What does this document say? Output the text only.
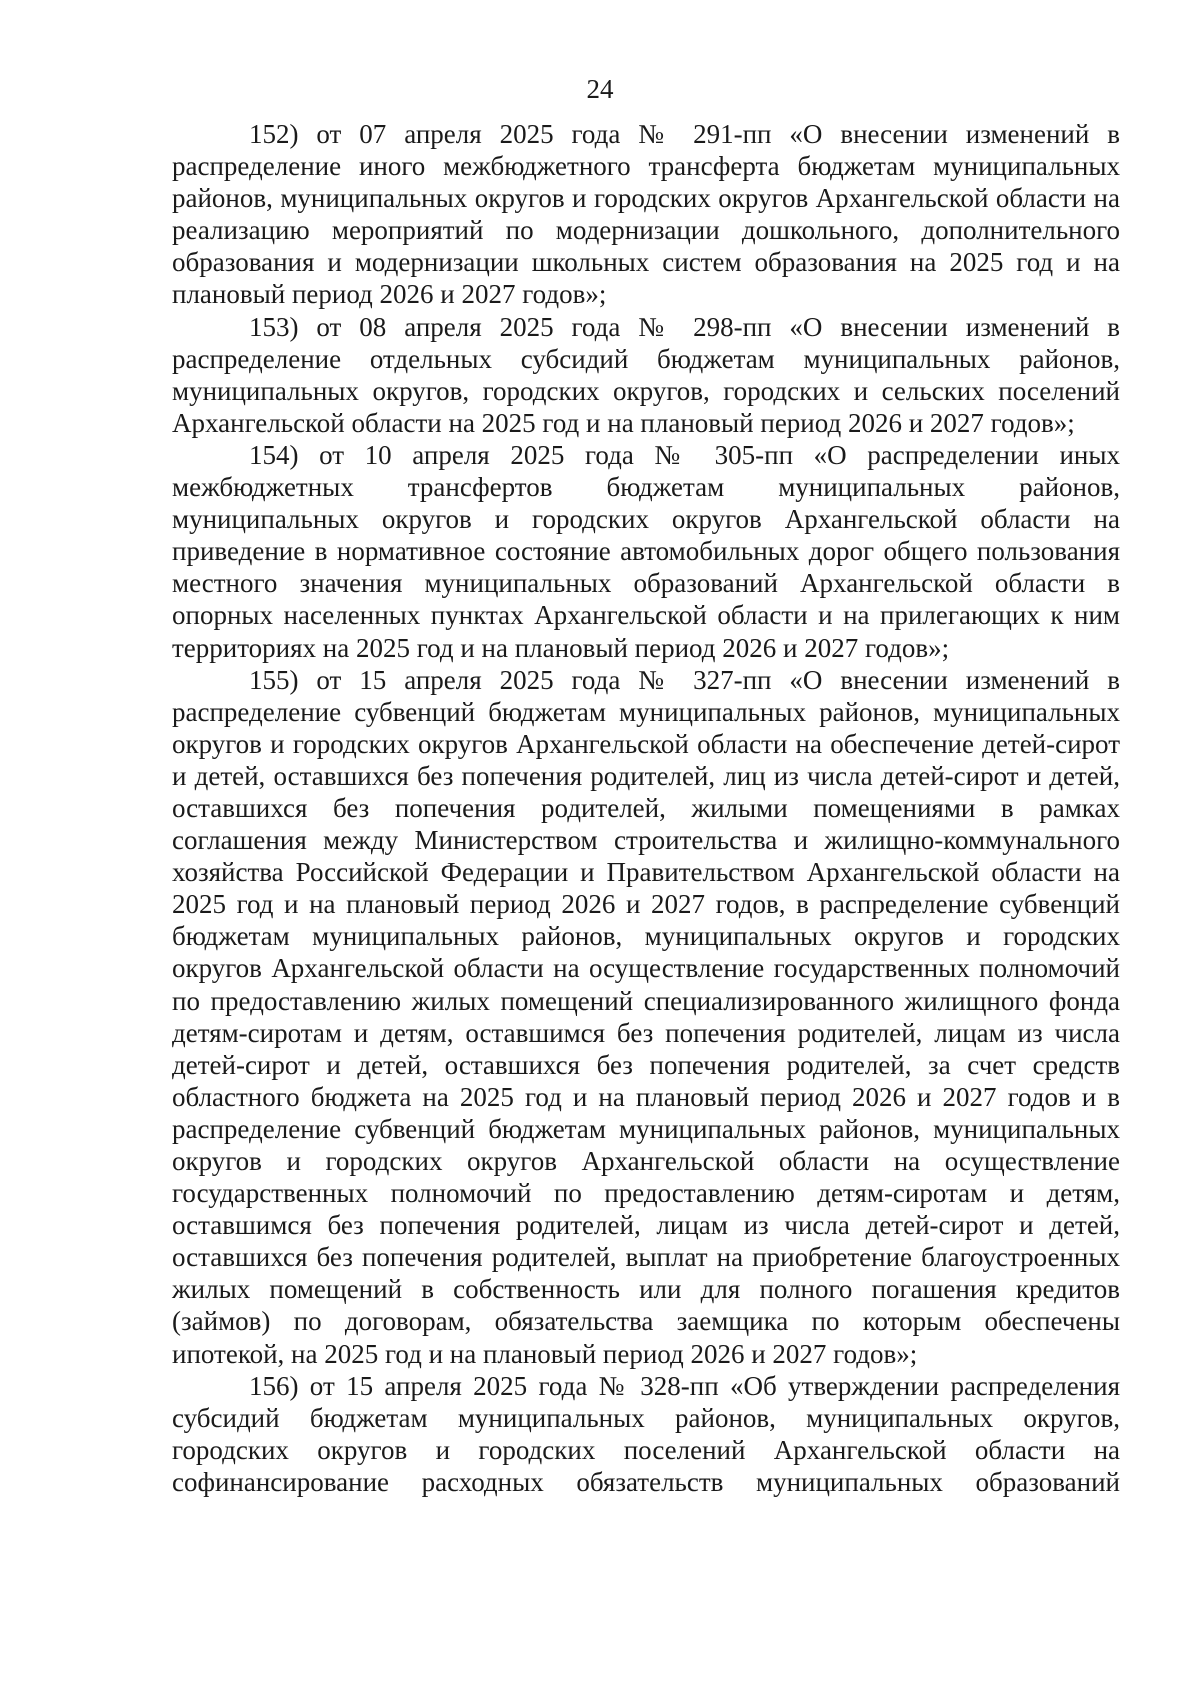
24

152) от 07 апреля 2025 года № 291-пп «О внесении изменений в распределение иного межбюджетного трансферта бюджетам муниципальных районов, муниципальных округов и городских округов Архангельской области на реализацию мероприятий по модернизации дошкольного, дополнительного образования и модернизации школьных систем образования на 2025 год и на плановый период 2026 и 2027 годов»;

153) от 08 апреля 2025 года № 298-пп «О внесении изменений в распределение отдельных субсидий бюджетам муниципальных районов, муниципальных округов, городских округов, городских и сельских поселений Архангельской области на 2025 год и на плановый период 2026 и 2027 годов»;

154) от 10 апреля 2025 года № 305-пп «О распределении иных межбюджетных трансфертов бюджетам муниципальных районов, муниципальных округов и городских округов Архангельской области на приведение в нормативное состояние автомобильных дорог общего пользования местного значения муниципальных образований Архангельской области в опорных населенных пунктах Архангельской области и на прилегающих к ним территориях на 2025 год и на плановый период 2026 и 2027 годов»;

155) от 15 апреля 2025 года № 327-пп «О внесении изменений в распределение субвенций бюджетам муниципальных районов, муниципальных округов и городских округов Архангельской области на обеспечение детей-сирот и детей, оставшихся без попечения родителей, лиц из числа детей-сирот и детей, оставшихся без попечения родителей, жилыми помещениями в рамках соглашения между Министерством строительства и жилищно-коммунального хозяйства Российской Федерации и Правительством Архангельской области на 2025 год и на плановый период 2026 и 2027 годов, в распределение субвенций бюджетам муниципальных районов, муниципальных округов и городских округов Архангельской области на осуществление государственных полномочий по предоставлению жилых помещений специализированного жилищного фонда детям-сиротам и детям, оставшимся без попечения родителей, лицам из числа детей-сирот и детей, оставшихся без попечения родителей, за счет средств областного бюджета на 2025 год и на плановый период 2026 и 2027 годов и в распределение субвенций бюджетам муниципальных районов, муниципальных округов и городских округов Архангельской области на осуществление государственных полномочий по предоставлению детям-сиротам и детям, оставшимся без попечения родителей, лицам из числа детей-сирот и детей, оставшихся без попечения родителей, выплат на приобретение благоустроенных жилых помещений в собственность или для полного погашения кредитов (займов) по договорам, обязательства заемщика по которым обеспечены ипотекой, на 2025 год и на плановый период 2026 и 2027 годов»;

156) от 15 апреля 2025 года № 328-пп «Об утверждении распределения субсидий бюджетам муниципальных районов, муниципальных округов, городских округов и городских поселений Архангельской области на софинансирование расходных обязательств муниципальных образований
